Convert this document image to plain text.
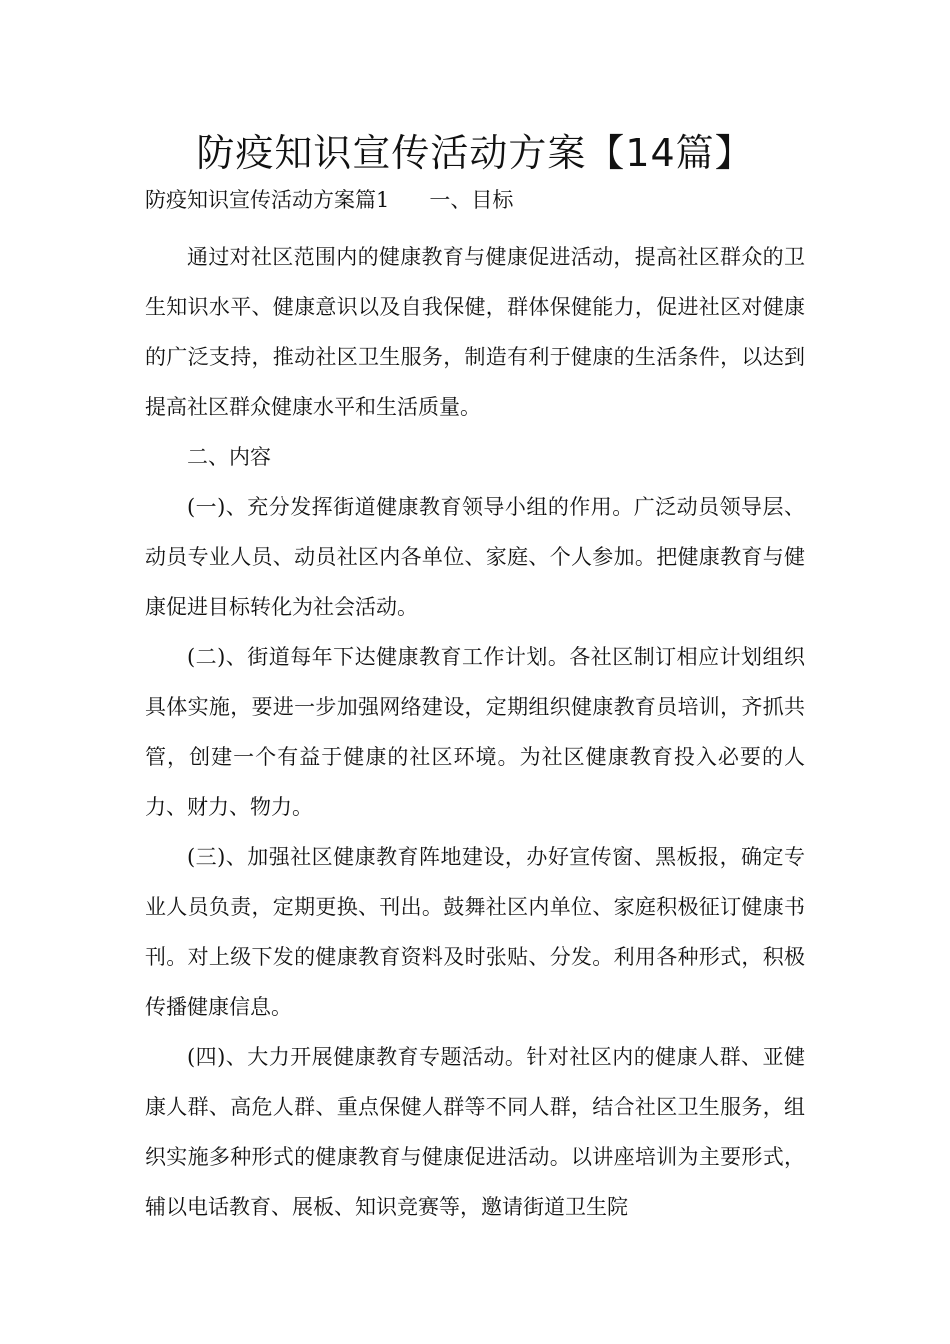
防疫知识宣传活动方案【14篇】
防疫知识宣传活动方案篇1 一、目标

通过对社区范围内的健康教育与健康促进活动，提高社区群众的卫生知识水平、健康意识以及自我保健，群体保健能力，促进社区对健康的广泛支持，推动社区卫生服务，制造有利于健康的生活条件，以达到提高社区群众健康水平和生活质量。

二、内容

(一)、充分发挥街道健康教育领导小组的作用。广泛动员领导层、动员专业人员、动员社区内各单位、家庭、个人参加。把健康教育与健康促进目标转化为社会活动。

(二)、街道每年下达健康教育工作计划。各社区制订相应计划组织具体实施，要进一步加强网络建设，定期组织健康教育员培训，齐抓共管，创建一个有益于健康的社区环境。为社区健康教育投入必要的人力、财力、物力。

(三)、加强社区健康教育阵地建设，办好宣传窗、黑板报，确定专业人员负责，定期更换、刊出。鼓舞社区内单位、家庭积极征订健康书刊。对上级下发的健康教育资料及时张贴、分发。利用各种形式，积极传播健康信息。

(四)、大力开展健康教育专题活动。针对社区内的健康人群、亚健康人群、高危人群、重点保健人群等不同人群，结合社区卫生服务，组织实施多种形式的健康教育与健康促进活动。以讲座培训为主要形式，辅以电话教育、展板、知识竞赛等，邀请街道卫生院
